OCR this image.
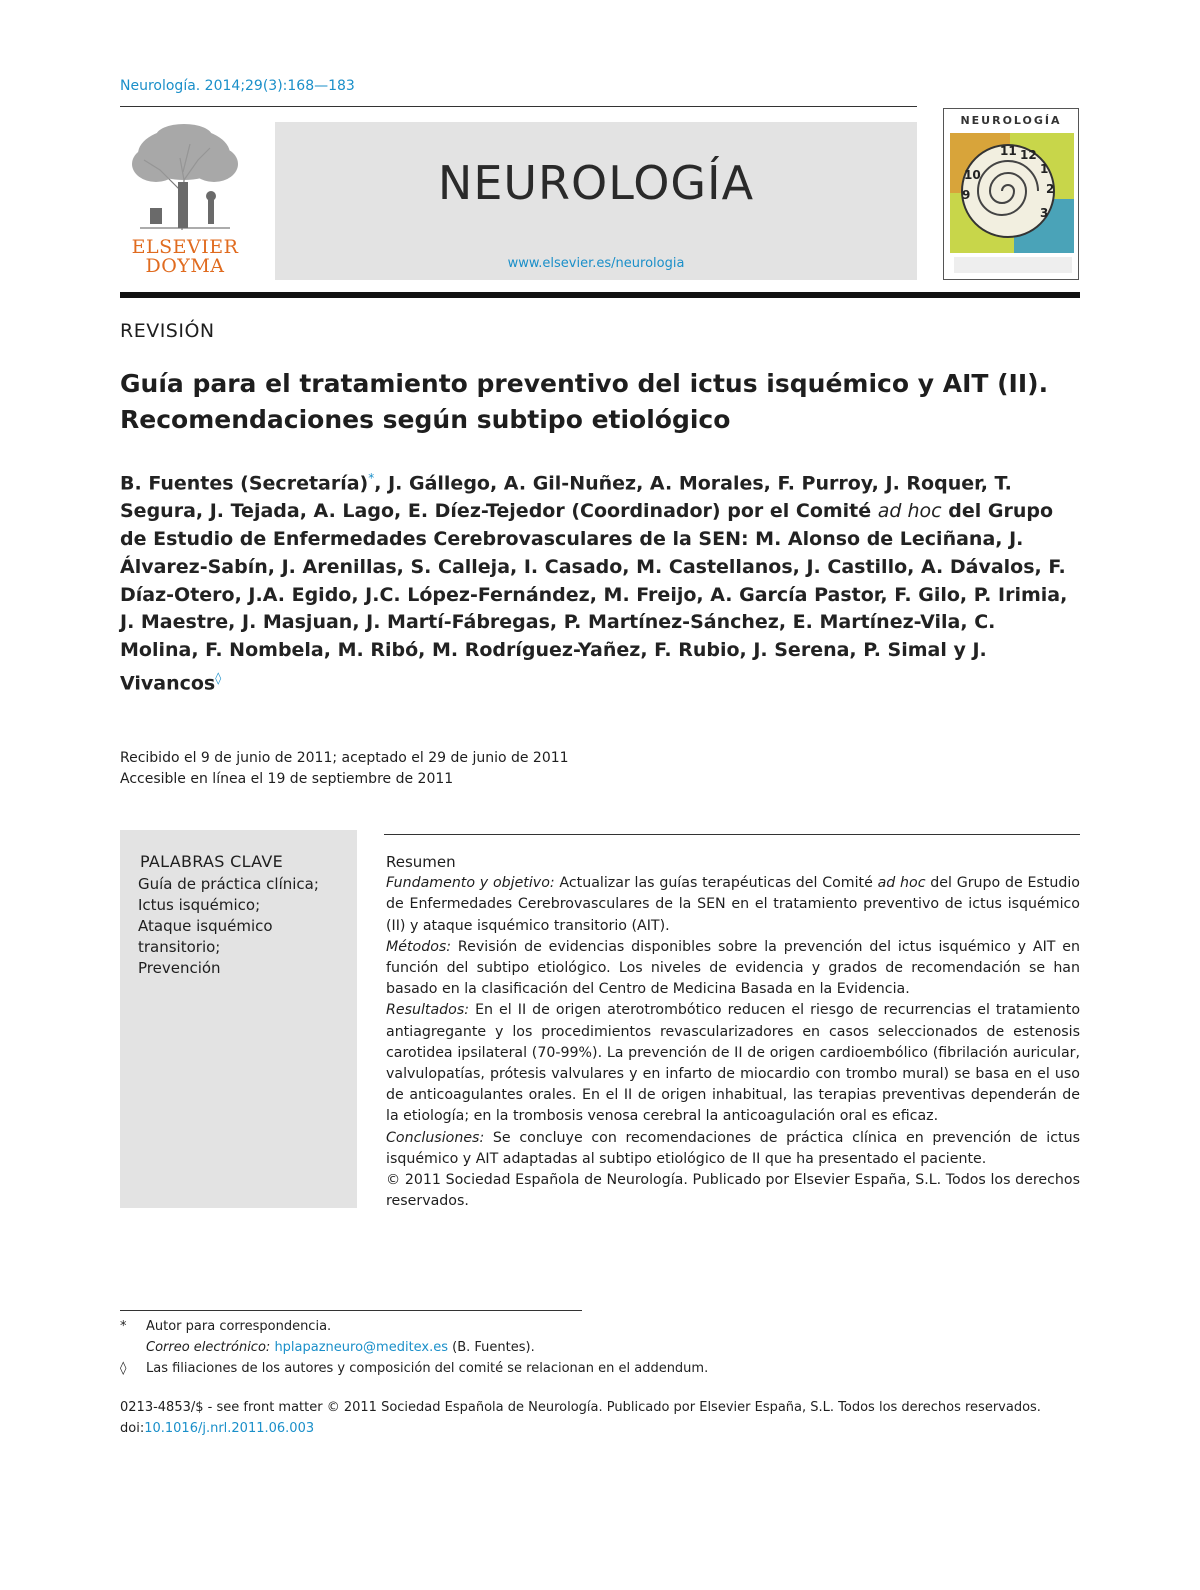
Neurología. 2014;29(3):168—183
ELSEVIER
DOYMA
NEUROLOGÍA
www.elsevier.es/neurologia
NEUROLOGÍA
11 12
1
2
10
9
3
REVISIÓN
Guía para el tratamiento preventivo del ictus isquémico y AIT (II).
Recomendaciones según subtipo etiológico
B. Fuentes (Secretaría)*, J. Gállego, A. Gil-Nuñez, A. Morales, F. Purroy, J. Roquer, T. Segura, J. Tejada, A. Lago, E. Díez-Tejedor (Coordinador) por el Comité ad hoc del Grupo de Estudio de Enfermedades Cerebrovasculares de la SEN: M. Alonso de Leciñana, J. Álvarez-Sabín, J. Arenillas, S. Calleja, I. Casado, M. Castellanos, J. Castillo, A. Dávalos, F. Díaz-Otero, J.A. Egido, J.C. López-Fernández, M. Freijo, A. García Pastor, F. Gilo, P. Irimia, J. Maestre, J. Masjuan, J. Martí-Fábregas, P. Martínez-Sánchez, E. Martínez-Vila, C. Molina, F. Nombela, M. Ribó, M. Rodríguez-Yañez, F. Rubio, J. Serena, P. Simal y J. Vivancos◊
Recibido el 9 de junio de 2011; aceptado el 29 de junio de 2011
Accesible en línea el 19 de septiembre de 2011
PALABRAS CLAVE
Guía de práctica clínica;
Ictus isquémico;
Ataque isquémico transitorio;
Prevención
Resumen
Fundamento y objetivo: Actualizar las guías terapéuticas del Comité ad hoc del Grupo de Estudio de Enfermedades Cerebrovasculares de la SEN en el tratamiento preventivo de ictus isquémico (II) y ataque isquémico transitorio (AIT).
Métodos: Revisión de evidencias disponibles sobre la prevención del ictus isquémico y AIT en función del subtipo etiológico. Los niveles de evidencia y grados de recomendación se han basado en la clasificación del Centro de Medicina Basada en la Evidencia.
Resultados: En el II de origen aterotrombótico reducen el riesgo de recurrencias el tratamiento antiagregante y los procedimientos revascularizadores en casos seleccionados de estenosis carotidea ipsilateral (70-99%). La prevención de II de origen cardioembólico (fibrilación auricular, valvulopatías, prótesis valvulares y en infarto de miocardio con trombo mural) se basa en el uso de anticoagulantes orales. En el II de origen inhabitual, las terapias preventivas dependerán de la etiología; en la trombosis venosa cerebral la anticoagulación oral es eficaz.
Conclusiones: Se concluye con recomendaciones de práctica clínica en prevención de ictus isquémico y AIT adaptadas al subtipo etiológico de II que ha presentado el paciente.
© 2011 Sociedad Española de Neurología. Publicado por Elsevier España, S.L. Todos los derechos reservados.
* Autor para correspondencia.
Correo electrónico: hplapazneuro@meditex.es (B. Fuentes).
◊ Las filiaciones de los autores y composición del comité se relacionan en el addendum.
0213-4853/$ - see front matter © 2011 Sociedad Española de Neurología. Publicado por Elsevier España, S.L. Todos los derechos reservados.
doi:10.1016/j.nrl.2011.06.003
